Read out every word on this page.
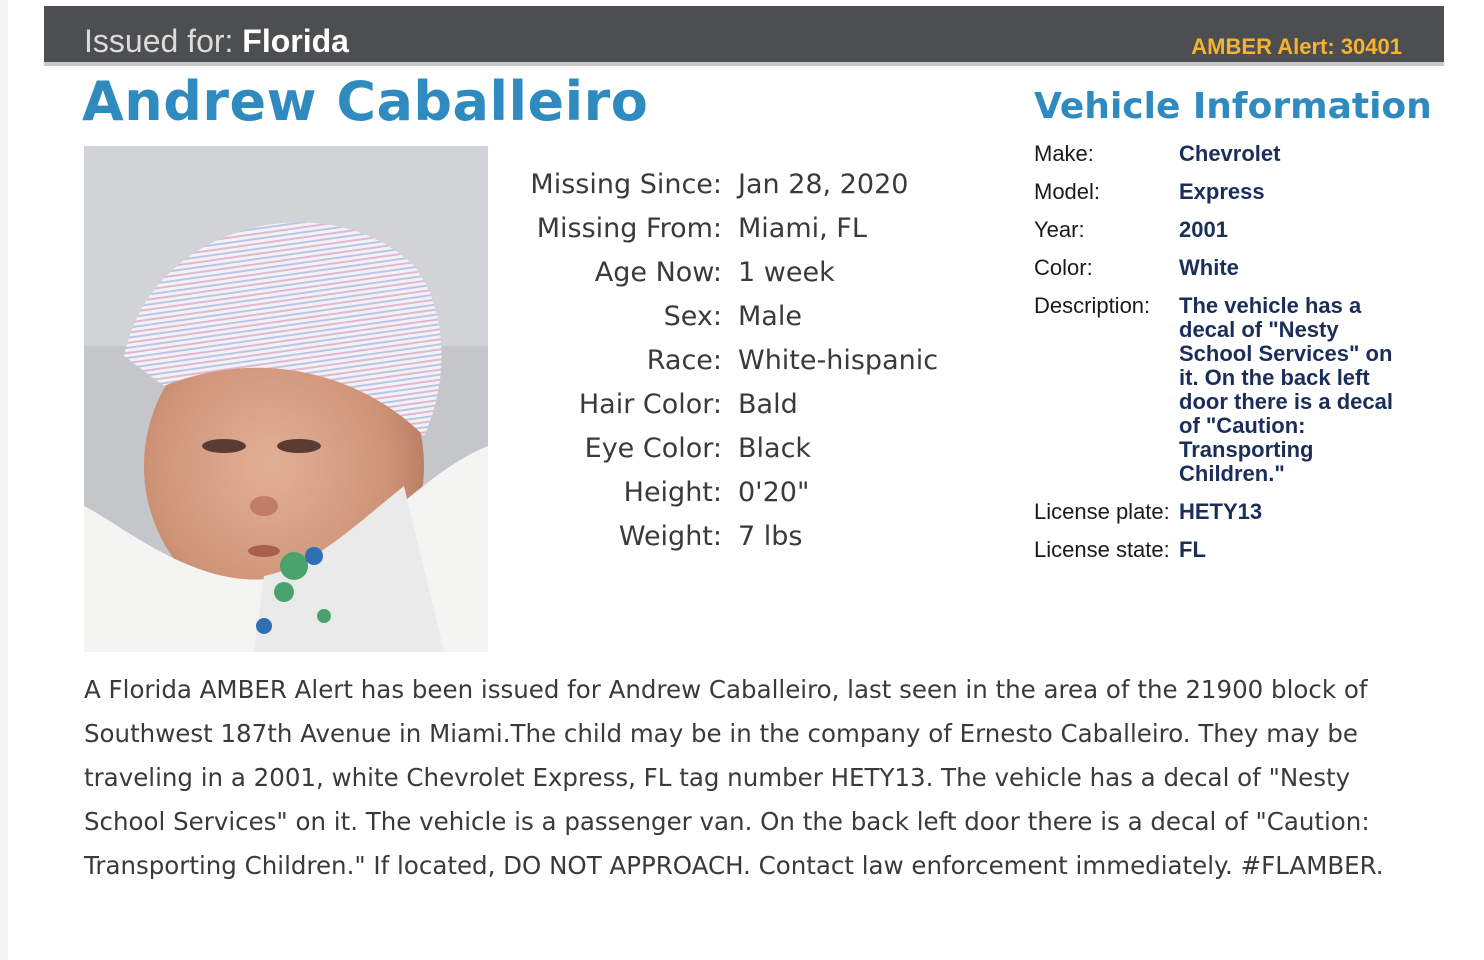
Issued for: Florida	AMBER Alert: 30401
Andrew Caballeiro
Missing Since: Jan 28, 2020
Missing From: Miami, FL
Age Now: 1 week
Sex: Male
Race: White-hispanic
Hair Color: Bald
Eye Color: Black
Height: 0'20"
Weight: 7 lbs
Vehicle Information
Make:	Chevrolet
Model:	Express
Year:	2001
Color:	White
Description:	The vehicle has a decal of "Nesty School Services" on it. On the back left door there is a decal of "Caution: Transporting Children."
License plate: HETY13
License state: FL

A Florida AMBER Alert has been issued for Andrew Caballeiro, last seen in the area of the 21900 block of Southwest 187th Avenue in Miami.The child may be in the company of Ernesto Caballeiro. They may be traveling in a 2001, white Chevrolet Express, FL tag number HETY13. The vehicle has a decal of "Nesty School Services" on it. The vehicle is a passenger van. On the back left door there is a decal of "Caution: Transporting Children." If located, DO NOT APPROACH. Contact law enforcement immediately. #FLAMBER.
